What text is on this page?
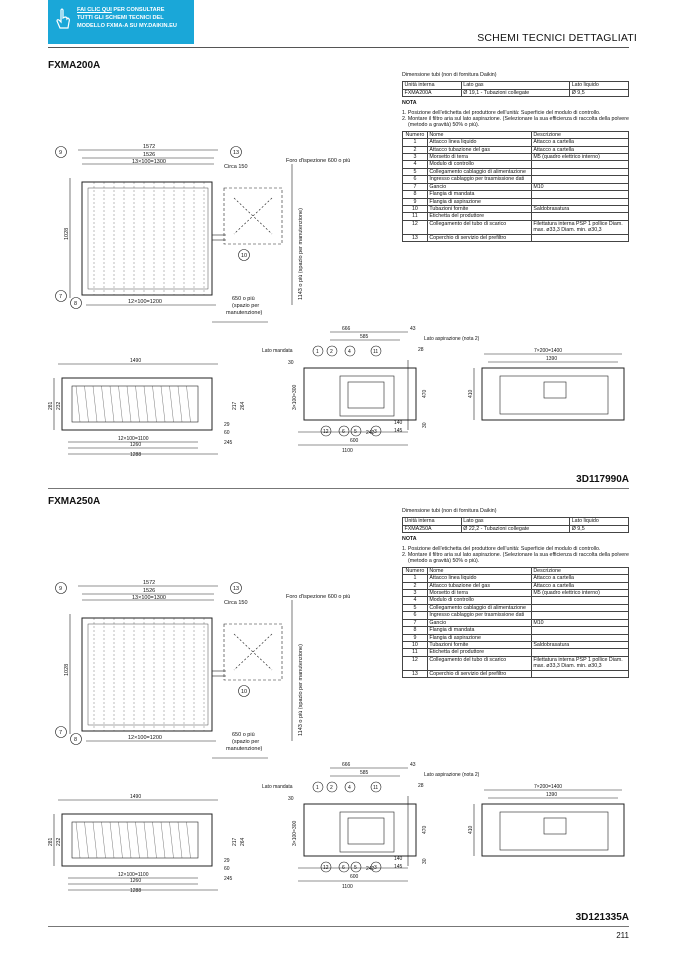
FAI CLIC QUI PER CONSULTARE
TUTTI GLI SCHEMI TECNICI DEL
MODELLO FXMA-A SU MY.DAIKIN.EU
SCHEMI TECNICI DETTAGLIATI
FXMA200A
Dimensione tubi (non di fornitura Daikin)
Unità interna	Lato gas	Lato liquido
FXMA200A	Ø 19,1 - Tubazioni collegate	Ø 9,5
NOTA
1. Posizione dell'etichetta del produttore dell'unità: Superficie del modulo di controllo.
2. Montare il filtro aria sul lato aspirazione. (Selezionare la sua efficienza di raccolta della polvere (metodo a gravità) 50% o più).
Numero	Nome	Descrizione
1	Attacco linea liquido	Attacco a cartella
2	Attacco tubazione del gas	Attacco a cartella
3	Morsetto di terra	M5 (quadro elettrico interno)
4	Modulo di controllo	
5	Collegamento cablaggio di alimentazione	
6	Ingresso cablaggio per trasmissione dati	
7	Gancio	M10
8	Flangia di mandata	
9	Flangia di aspirazione	
10	Tubazioni fornite	Saldobrasatura
11	Etichetta del produttore	
12	Collegamento del tubo di scarico	Filettatura interna PSP 1 pollice Diam. max. ø33,3 Diam. min. ø30,3
13	Coperchio di servizio del prefiltro	
1572
1526
13×100=1300
1028
12×100=1200
Circa 150
Foro d'ispezione 600 o più
1143 o più (spazio per manutenzione)
650 o più
(spazio per
manutenzione)
9	13
10
7
8
1490
12×100=1100
1260
1288
29
60
245
281 232	217 264
Lato mandata
666	43
585
28
30
3×100=300	470
140
145
600
1100
242
30
1 2	4	11
12	6 5	3
Lato aspirazione (nota 2)
7×200=1400
1390
410
3D117990A
FXMA250A
Dimensione tubi (non di fornitura Daikin)
Unità interna	Lato gas	Lato liquido
FXMA250A	Ø 22,2 - Tubazioni collegate	Ø 9,5
NOTA
1. Posizione dell'etichetta del produttore dell'unità: Superficie del modulo di controllo.
2. Montare il filtro aria sul lato aspirazione. (Selezionare la sua efficienza di raccolta della polvere (metodo a gravità) 50% o più).
Numero	Nome	Descrizione
1	Attacco linea liquido	Attacco a cartella
2	Attacco tubazione del gas	Attacco a cartella
3	Morsetto di terra	M5 (quadro elettrico interno)
4	Modulo di controllo	
5	Collegamento cablaggio di alimentazione	
6	Ingresso cablaggio per trasmissione dati	
7	Gancio	M10
8	Flangia di mandata	
9	Flangia di aspirazione	
10	Tubazioni fornite	Saldobrasatura
11	Etichetta del produttore	
12	Collegamento del tubo di scarico	Filettatura interna PSP 1 pollice Diam. max. ø33,3 Diam. min. ø30,3
13	Coperchio di servizio del prefiltro	
1572
1526
13×100=1300
1028
12×100=1200
Circa 150
Foro d'ispezione 600 o più
1143 o più (spazio per manutenzione)
650 o più
(spazio per
manutenzione)
9	13
10
7
8
1490
12×100=1100
1260
1288
29
60
245
281 232	217 264
Lato mandata
666	43
585
28
30
3×100=300	470
140
145
600
1100
242
30
1 2	4	11
12	6 5	3
Lato aspirazione (nota 2)
7×200=1400
1390
410
3D121335A
211
